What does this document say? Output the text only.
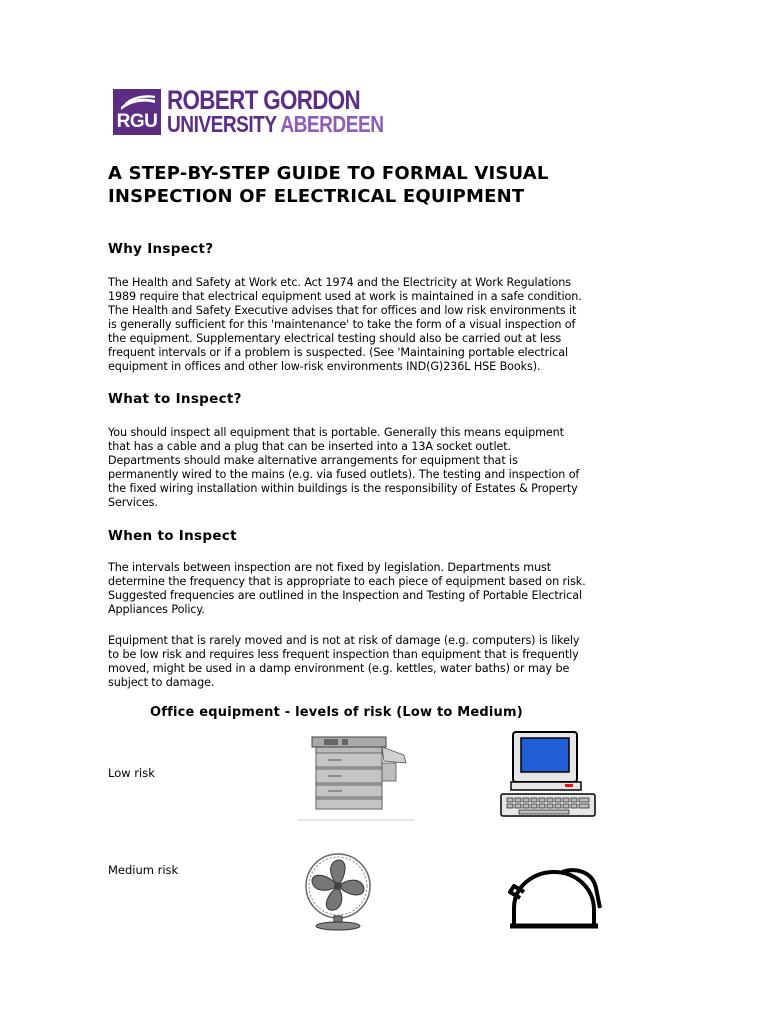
RGU
ROBERT GORDON
UNIVERSITY ABERDEEN
A STEP-BY-STEP GUIDE TO FORMAL VISUAL INSPECTION OF ELECTRICAL EQUIPMENT
Why Inspect?
The Health and Safety at Work etc. Act 1974 and the Electricity at Work Regulations
1989 require that electrical equipment used at work is maintained in a safe condition.
The Health and Safety Executive advises that for offices and low risk environments it
is generally sufficient for this 'maintenance' to take the form of a visual inspection of
the equipment. Supplementary electrical testing should also be carried out at less
frequent intervals or if a problem is suspected. (See 'Maintaining portable electrical
equipment in offices and other low-risk environments IND(G)236L HSE Books).
What to Inspect?
You should inspect all equipment that is portable. Generally this means equipment
that has a cable and a plug that can be inserted into a 13A socket outlet.
Departments should make alternative arrangements for equipment that is
permanently wired to the mains (e.g. via fused outlets). The testing and inspection of
the fixed wiring installation within buildings is the responsibility of Estates & Property
Services.
When to Inspect
The intervals between inspection are not fixed by legislation. Departments must
determine the frequency that is appropriate to each piece of equipment based on risk.
Suggested frequencies are outlined in the Inspection and Testing of Portable Electrical
Appliances Policy.
Equipment that is rarely moved and is not at risk of damage (e.g. computers) is likely
to be low risk and requires less frequent inspection than equipment that is frequently
moved, might be used in a damp environment (e.g. kettles, water baths) or may be
subject to damage.
Office equipment - levels of risk (Low to Medium)
Low risk
Medium risk
